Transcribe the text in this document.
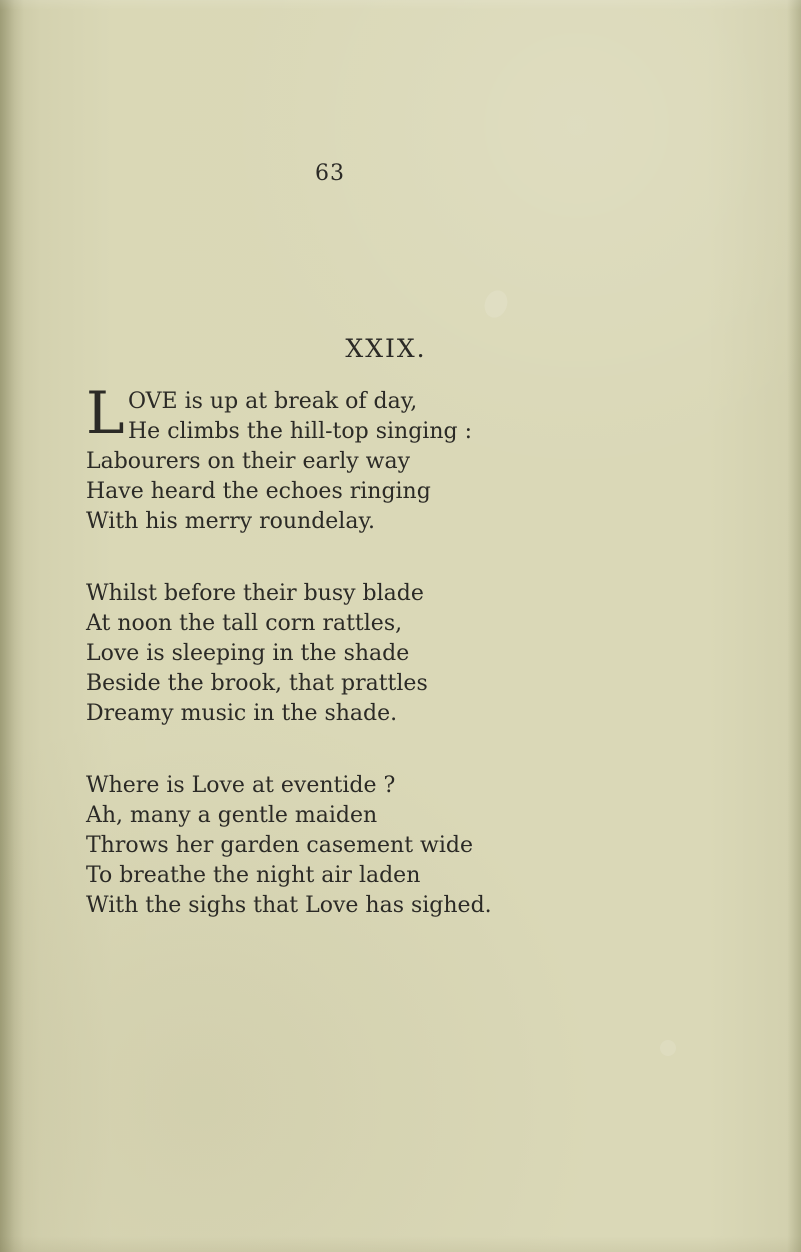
63
XXIX.
L OVE is up at break of day,
He climbs the hill-top singing :
Labourers on their early way
Have heard the echoes ringing
With his merry roundelay.
Whilst before their busy blade
At noon the tall corn rattles,
Love is sleeping in the shade
Beside the brook, that prattles
Dreamy music in the shade.
Where is Love at eventide ?
Ah, many a gentle maiden
Throws her garden casement wide
To breathe the night air laden
With the sighs that Love has sighed.
